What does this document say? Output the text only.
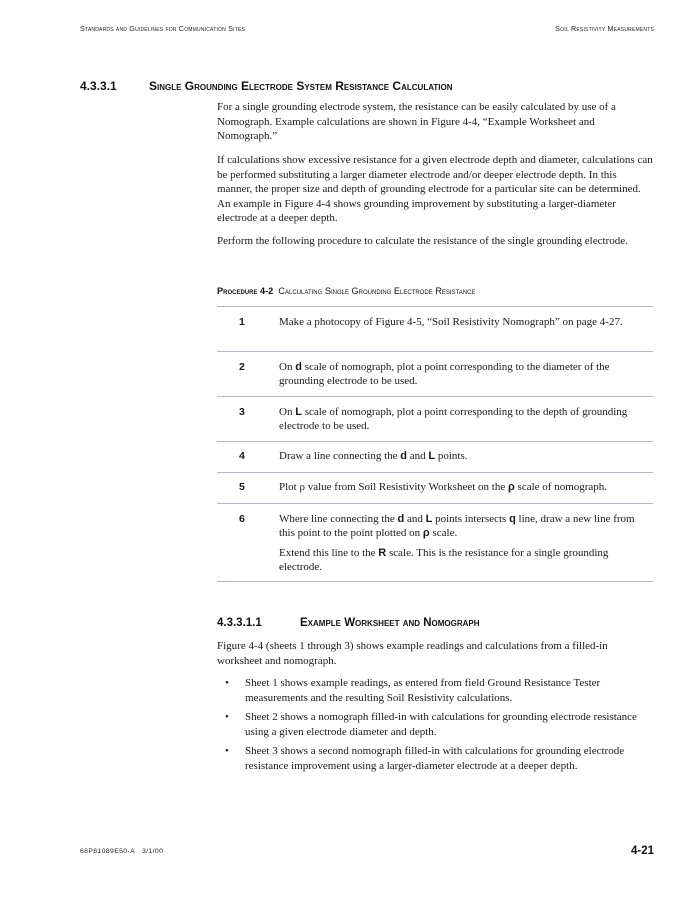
Standards and Guidelines for Communication Sites	Soil Resistivity Measurements
4.3.3.1	Single Grounding Electrode System Resistance Calculation

For a single grounding electrode system, the resistance can be easily calculated by use of a Nomograph. Example calculations are shown in Figure 4-4, “Example Worksheet and Nomograph.”

If calculations show excessive resistance for a given electrode depth and diameter, calculations can be performed substituting a larger diameter electrode and/or deeper electrode depth. In this manner, the proper size and depth of grounding electrode for a particular site can be determined. An example in Figure 4-4 shows grounding improvement by substituting a larger-diameter electrode at a deeper depth.

Perform the following procedure to calculate the resistance of the single grounding electrode.

Procedure 4-2 Calculating Single Grounding Electrode Resistance
1	Make a photocopy of Figure 4-5, “Soil Resistivity Nomograph” on page 4-27.
2	On d scale of nomograph, plot a point corresponding to the diameter of the grounding electrode to be used.
3	On L scale of nomograph, plot a point corresponding to the depth of grounding electrode to be used.
4	Draw a line connecting the d and L points.
5	Plot ρ value from Soil Resistivity Worksheet on the ρ scale of nomograph.
6	Where line connecting the d and L points intersects q line, draw a new line from this point to the point plotted on ρ scale.

Extend this line to the R scale. This is the resistance for a single grounding electrode.

4.3.3.1.1	Example Worksheet and Nomograph

Figure 4-4 (sheets 1 through 3) shows example readings and calculations from a filled-in worksheet and nomograph.

• Sheet 1 shows example readings, as entered from field Ground Resistance Tester measurements and the resulting Soil Resistivity calculations.
• Sheet 2 shows a nomograph filled-in with calculations for grounding electrode resistance using a given electrode diameter and depth.
• Sheet 3 shows a second nomograph filled-in with calculations for grounding electrode resistance improvement using a larger-diameter electrode at a deeper depth.
68P81089E50-A 3/1/00	4-21
